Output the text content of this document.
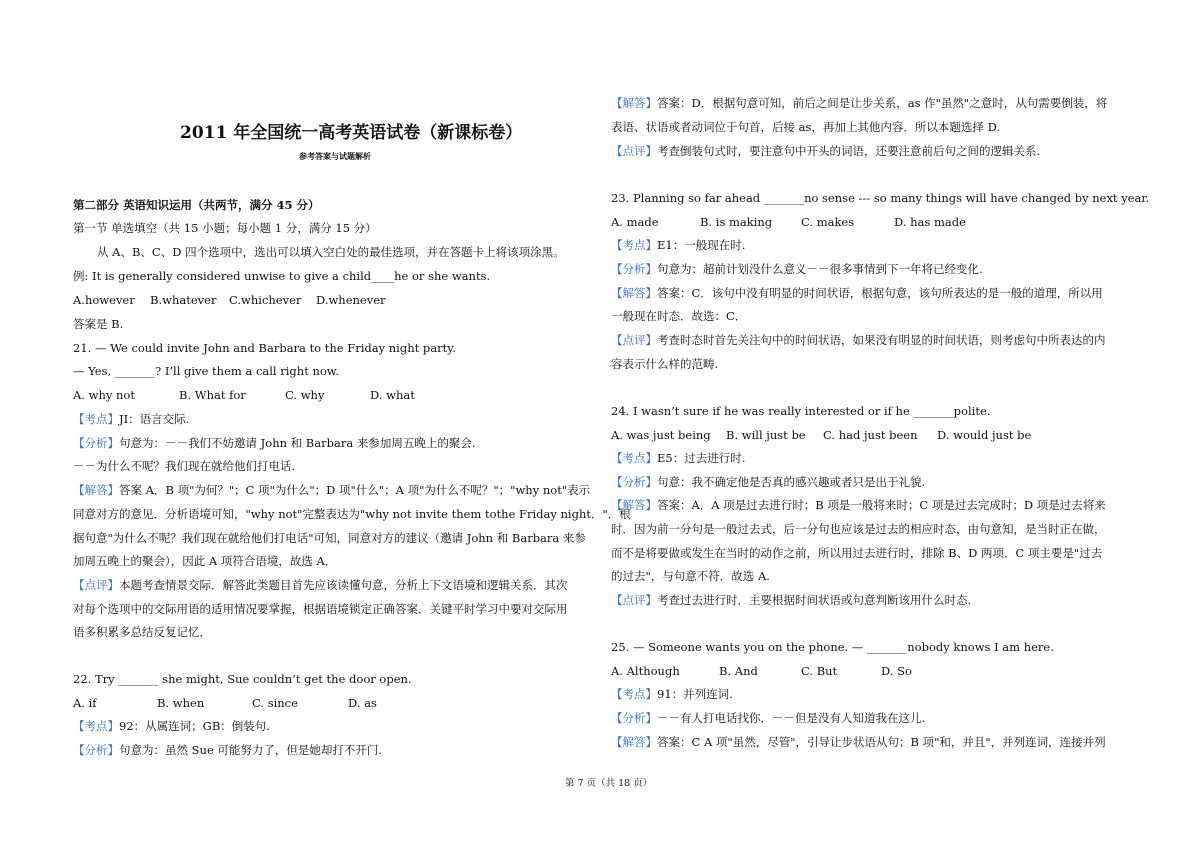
2011 年全国统一高考英语试卷（新课标卷）
参考答案与试题解析
第二部分 英语知识运用（共两节，满分 45 分）
第一节 单选填空（共 15 小题；每小题 1 分，满分 15 分）
从 A、B、C、D 四个选项中，选出可以填入空白处的最佳选项，并在答题卡上将该项涂黑。
例: It is generally considered unwise to give a child____he or she wants.
A.however B.whatever C.whichever D.whenever
答案是 B.
21. — We could invite John and Barbara to the Friday night party.
— Yes, _______? I’ll give them a call right now.
A. why not	B. What for	C. why	D. what
【考点】JI：语言交际.
【分析】句意为：－－我们不妨邀请 John 和 Barbara 来参加周五晚上的聚会.
－－为什么不呢？我们现在就给他们打电话.
【解答】答案 A．B 项"为何？"；C 项"为什么"；D 项"什么"；A 项"为什么不呢？"；"why not"表示
同意对方的意见．分析语境可知，"why not"完整表达为"why not invite them tothe Friday night．"．根
据句意"为什么不呢？我们现在就给他们打电话"可知，同意对方的建议（邀请 John 和 Barbara 来参
加周五晚上的聚会），因此 A 项符合语境，故选 A．
【点评】本题考查情景交际．解答此类题目首先应该读懂句意，分析上下文语境和逻辑关系．其次
对每个选项中的交际用语的适用情况要掌握，根据语境锁定正确答案．关键平时学习中要对交际用
语多积累多总结反复记忆．
22. Try _______ she might, Sue couldn’t get the door open.
A. if	B. when	C. since	D. as
【考点】92：从属连词；GB：倒装句.
【分析】句意为：虽然 Sue 可能努力了，但是她却打不开门.
【解答】答案：D．根据句意可知，前后之间是让步关系，as 作"虽然"之意时，从句需要倒装，将
表语、状语或者动词位于句首，后接 as，再加上其他内容．所以本题选择 D.
【点评】考查倒装句式时，要注意句中开头的词语，还要注意前后句之间的逻辑关系.
23. Planning so far ahead _______no sense --- so many things will have changed by next year.
A. made	B. is making	C. makes	D. has made
【考点】E1：一般现在时.
【分析】句意为：超前计划没什么意义－－很多事情到下一年将已经变化.
【解答】答案：C．该句中没有明显的时间状语，根据句意，该句所表达的是一般的道理，所以用
一般现在时态．故选：C．
【点评】考查时态时首先关注句中的时间状语，如果没有明显的时间状语，则考虑句中所表达的内
容表示什么样的范畴.
24. I wasn’t sure if he was really interested or if he _______polite.
A. was just being B. will just be C. had just been D. would just be
【考点】E5：过去进行时.
【分析】句意：我不确定他是否真的感兴趣或者只是出于礼貌.
【解答】答案：A．A 项是过去进行时；B 项是一般将来时；C 项是过去完成时；D 项是过去将来
时．因为前一分句是一般过去式，后一分句也应该是过去的相应时态，由句意知，是当时正在做，
而不是将要做或发生在当时的动作之前，所以用过去进行时，排除 B、D 两项．C 项主要是"过去
的过去"，与句意不符．故选 A.
【点评】考查过去进行时．主要根据时间状语或句意判断该用什么时态.
25. — Someone wants you on the phone. — _______nobody knows I am here.
A. Although	B. And	C. But	D. So
【考点】91：并列连词.
【分析】－－有人打电话找你．－－但是没有人知道我在这儿.
【解答】答案：C A 项"虽然，尽管"，引导让步状语从句；B 项"和，并且"，并列连词，连接并列
第 7 页（共 18 页）
